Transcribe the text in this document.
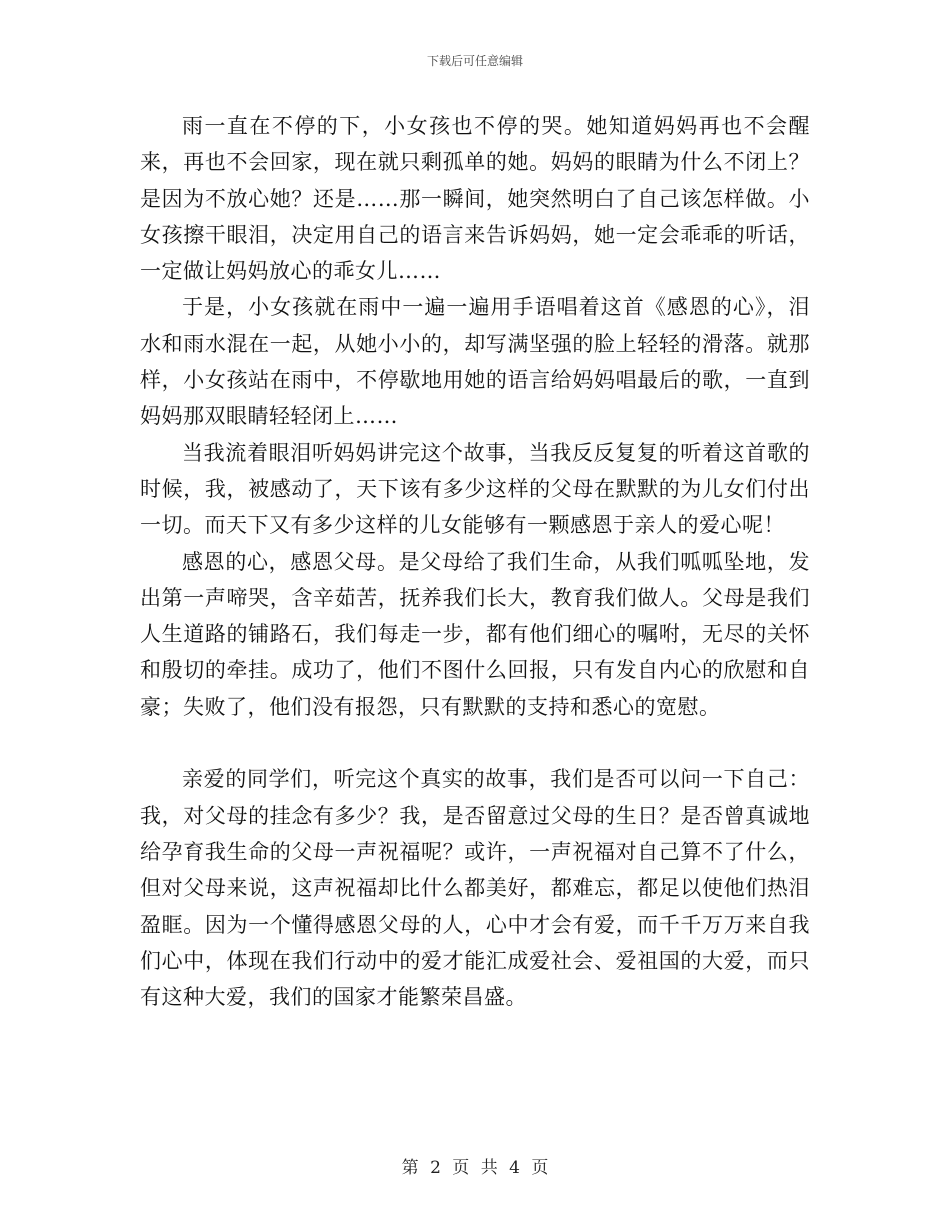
下载后可任意编辑

雨一直在不停的下，小女孩也不停的哭。她知道妈妈再也不会醒来，再也不会回家，现在就只剩孤单的她。妈妈的眼睛为什么不闭上？是因为不放心她？还是……那一瞬间，她突然明白了自己该怎样做。小女孩擦干眼泪，决定用自己的语言来告诉妈妈，她一定会乖乖的听话，一定做让妈妈放心的乖女儿……

于是，小女孩就在雨中一遍一遍用手语唱着这首《感恩的心》，泪水和雨水混在一起，从她小小的，却写满坚强的脸上轻轻的滑落。就那样，小女孩站在雨中，不停歇地用她的语言给妈妈唱最后的歌，一直到妈妈那双眼睛轻轻闭上……

当我流着眼泪听妈妈讲完这个故事，当我反反复复的听着这首歌的时候，我，被感动了，天下该有多少这样的父母在默默的为儿女们付出一切。而天下又有多少这样的儿女能够有一颗感恩于亲人的爱心呢！

感恩的心，感恩父母。是父母给了我们生命，从我们呱呱坠地，发出第一声啼哭，含辛茹苦，抚养我们长大，教育我们做人。父母是我们人生道路的铺路石，我们每走一步，都有他们细心的嘱咐，无尽的关怀和殷切的牵挂。成功了，他们不图什么回报，只有发自内心的欣慰和自豪；失败了，他们没有报怨，只有默默的支持和悉心的宽慰。

亲爱的同学们，听完这个真实的故事，我们是否可以问一下自己：我，对父母的挂念有多少？我，是否留意过父母的生日？是否曾真诚地给孕育我生命的父母一声祝福呢？或许，一声祝福对自己算不了什么，但对父母来说，这声祝福却比什么都美好，都难忘，都足以使他们热泪盈眶。因为一个懂得感恩父母的人，心中才会有爱，而千千万万来自我们心中，体现在我们行动中的爱才能汇成爱社会、爱祖国的大爱，而只有这种大爱，我们的国家才能繁荣昌盛。

第 2 页 共 4 页
